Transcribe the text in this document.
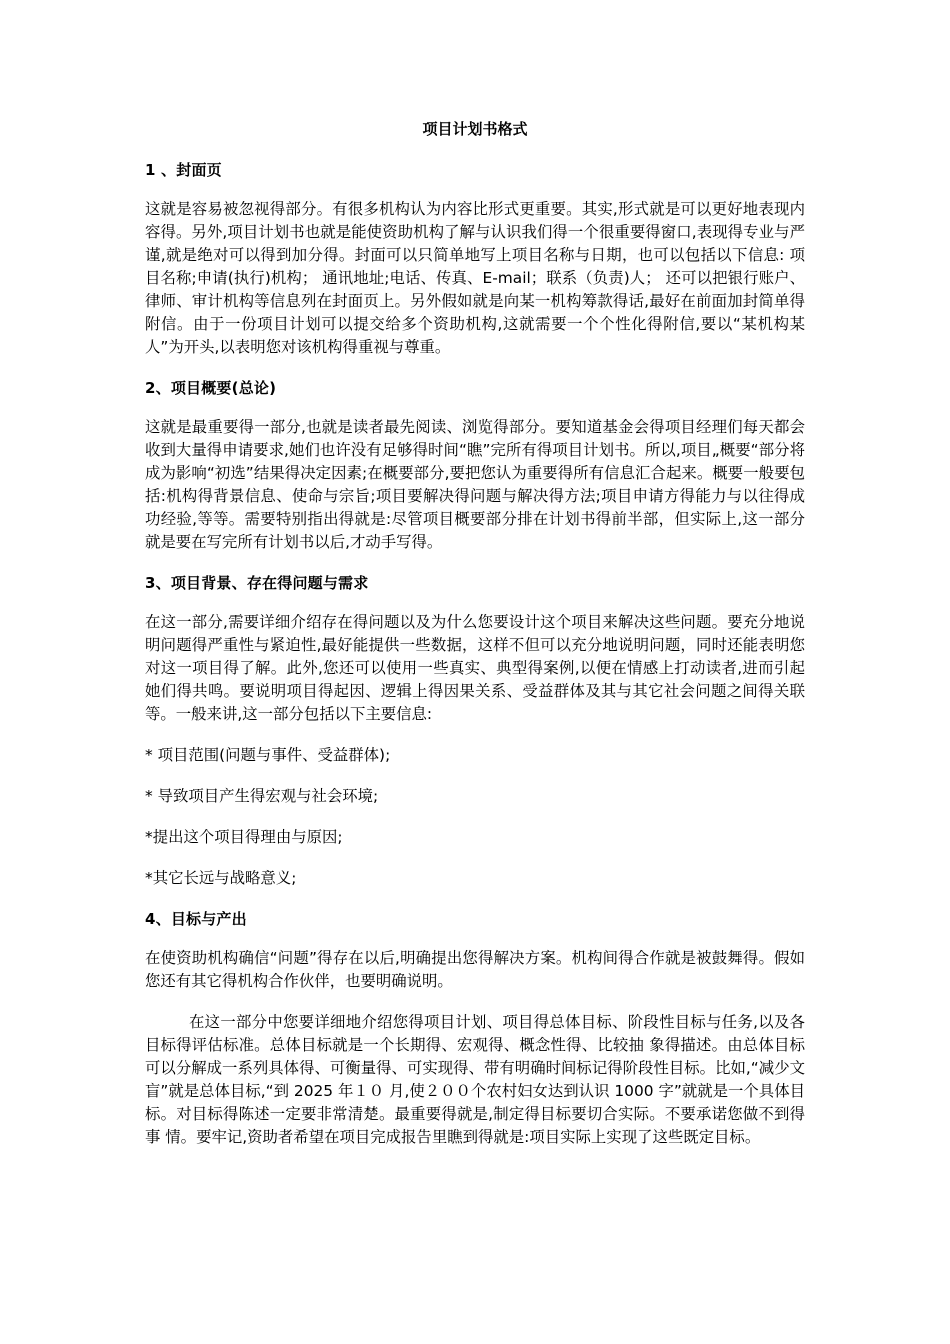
项目计划书格式
1 、封面页
这就是容易被忽视得部分。有很多机构认为内容比形式更重要。其实,形式就是可以更好地表现内容得。另外,项目计划书也就是能使资助机构了解与认识我们得一个很重要得窗口,表现得专业与严谨,就是绝对可以得到加分得。封面可以只简单地写上项目名称与日期，也可以包括以下信息: 项目名称;申请(执行)机构； 通讯地址;电话、传真、E-mail；联系（负责)人； 还可以把银行账户、律师、审计机构等信息列在封面页上。另外假如就是向某一机构筹款得话,最好在前面加封简单得附信。由于一份项目计划可以提交给多个资助机构,这就需要一个个性化得附信,要以“某机构某人”为开头,以表明您对该机构得重视与尊重。
2、项目概要(总论)
这就是最重要得一部分,也就是读者最先阅读、浏览得部分。要知道基金会得项目经理们每天都会收到大量得申请要求,她们也许没有足够得时间“瞧”完所有得项目计划书。所以,项目„概要“部分将成为影响“初选”结果得决定因素;在概要部分,要把您认为重要得所有信息汇合起来。概要一般要包括:机构得背景信息、使命与宗旨;项目要解决得问题与解决得方法;项目申请方得能力与以往得成功经验,等等。需要特别指出得就是:尽管项目概要部分排在计划书得前半部，但实际上,这一部分就是要在写完所有计划书以后,才动手写得。
3、项目背景、存在得问题与需求
在这一部分,需要详细介绍存在得问题以及为什么您要设计这个项目来解决这些问题。要充分地说明问题得严重性与紧迫性,最好能提供一些数据，这样不但可以充分地说明问题，同时还能表明您对这一项目得了解。此外,您还可以使用一些真实、典型得案例,以便在情感上打动读者,进而引起她们得共鸣。要说明项目得起因、逻辑上得因果关系、受益群体及其与其它社会问题之间得关联等。一般来讲,这一部分包括以下主要信息:
* 项目范围(问题与事件、受益群体);
* 导致项目产生得宏观与社会环境;
*提出这个项目得理由与原因;
*其它长远与战略意义;
4、目标与产出
在使资助机构确信“问题”得存在以后,明确提出您得解决方案。机构间得合作就是被鼓舞得。假如您还有其它得机构合作伙伴，也要明确说明。
在这一部分中您要详细地介绍您得项目计划、项目得总体目标、阶段性目标与任务,以及各目标得评估标准。总体目标就是一个长期得、宏观得、概念性得、比较抽 象得描述。由总体目标可以分解成一系列具体得、可衡量得、可实现得、带有明确时间标记得阶段性目标。比如,“减少文盲”就是总体目标,“到 2025 年１０ 月,使２００个农村妇女达到认识 1000 字”就就是一个具体目标。对目标得陈述一定要非常清楚。最重要得就是,制定得目标要切合实际。不要承诺您做不到得事 情。要牢记,资助者希望在项目完成报告里瞧到得就是:项目实际上实现了这些既定目标。
